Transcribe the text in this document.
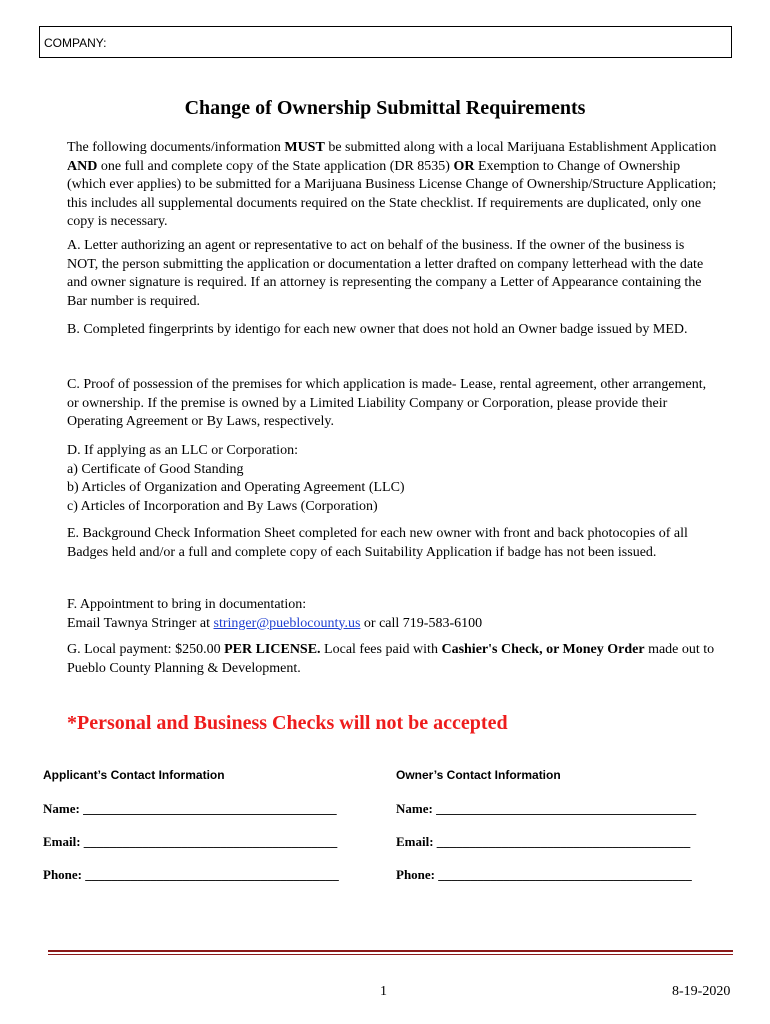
COMPANY:
Change of Ownership Submittal Requirements

The following documents/information MUST be submitted along with a local Marijuana Establishment Application AND one full and complete copy of the State application (DR 8535) OR Exemption to Change of Ownership (which ever applies) to be submitted for a Marijuana Business License Change of Ownership/Structure Application; this includes all supplemental documents required on the State checklist. If requirements are duplicated, only one copy is necessary.

A. Letter authorizing an agent or representative to act on behalf of the business. If the owner of the business is NOT, the person submitting the application or documentation a letter drafted on company letterhead with the date and owner signature is required. If an attorney is representing the company a Letter of Appearance containing the Bar number is required.

B. Completed fingerprints by identigo for each new owner that does not hold an Owner badge issued by MED.

C. Proof of possession of the premises for which application is made- Lease, rental agreement, other arrangement, or ownership. If the premise is owned by a Limited Liability Company or Corporation, please provide their Operating Agreement or By Laws, respectively.

D. If applying as an LLC or Corporation:
a) Certificate of Good Standing
b) Articles of Organization and Operating Agreement (LLC)
c) Articles of Incorporation and By Laws (Corporation)

E. Background Check Information Sheet completed for each new owner with front and back photocopies of all Badges held and/or a full and complete copy of each Suitability Application if badge has not been issued.

F. Appointment to bring in documentation:
Email Tawnya Stringer at stringer@pueblocounty.us or call 719-583-6100

G. Local payment: $250.00 PER LICENSE. Local fees paid with Cashier's Check, or Money Order made out to Pueblo County Planning & Development.

*Personal and Business Checks will not be accepted
Applicant’s Contact Information	Owner’s Contact Information
Name: _______________________________________
Email: _______________________________________
Phone: _______________________________________
Name: ________________________________________
Email: _______________________________________
Phone: _______________________________________
1	8-19-2020
